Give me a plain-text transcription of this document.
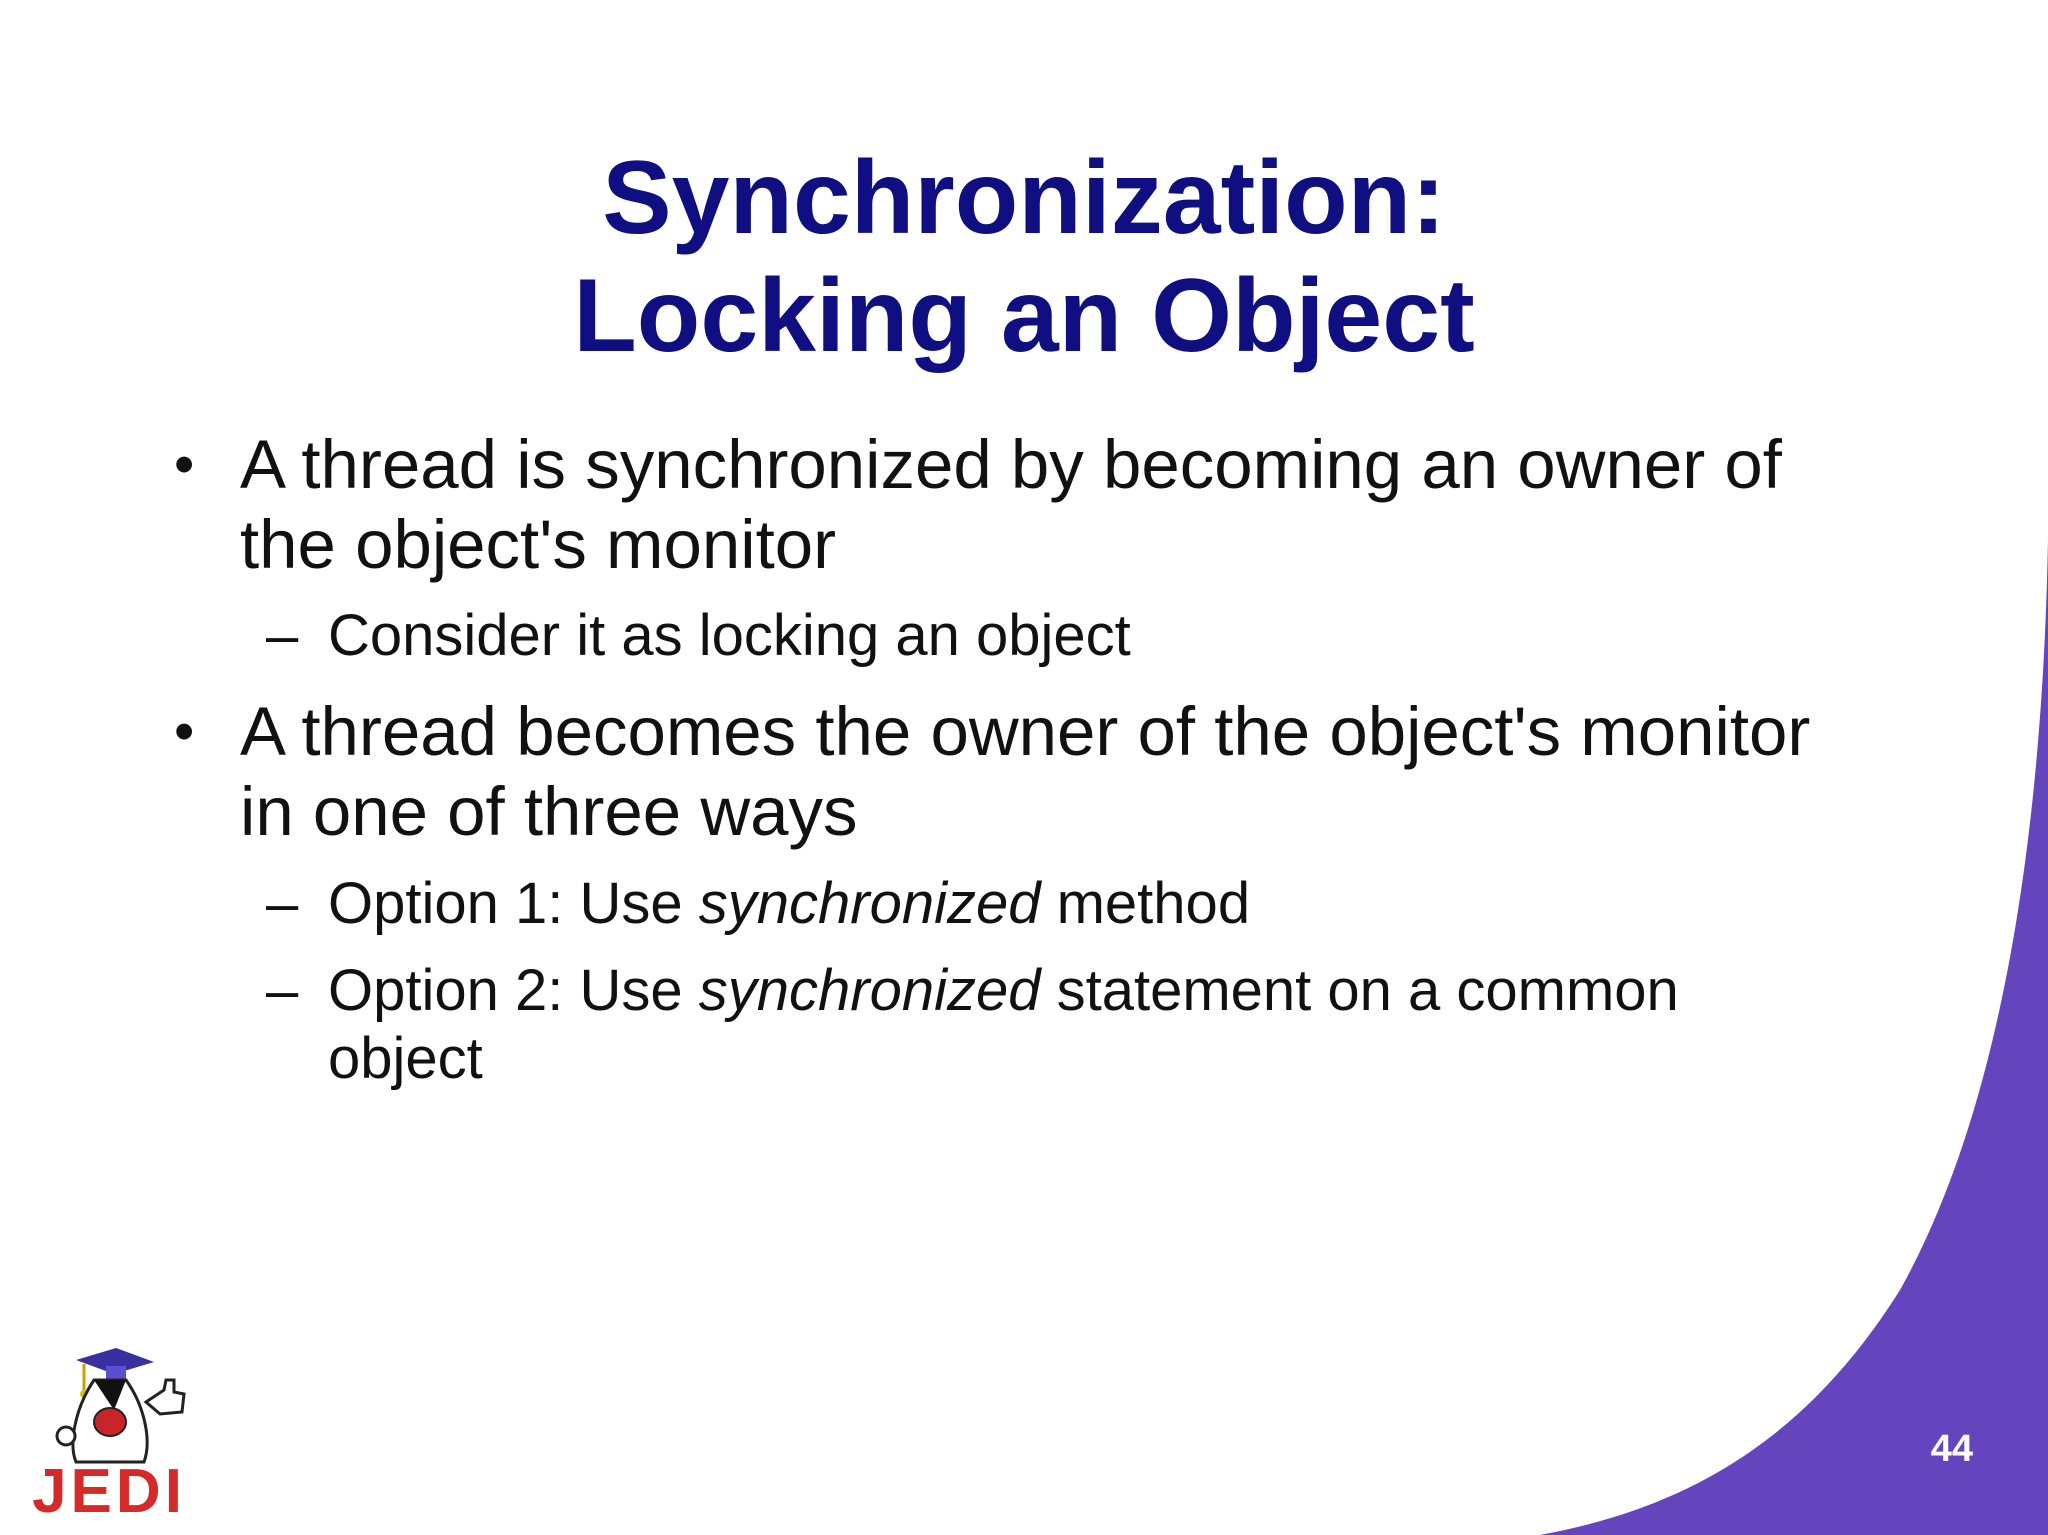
Synchronization:
Locking an Object
• A thread is synchronized by becoming an owner of
the object's monitor
– Consider it as locking an object
• A thread becomes the owner of the object's monitor
in one of three ways
– Option 1: Use synchronized method
– Option 2: Use synchronized statement on a common
object
JEDI
44
